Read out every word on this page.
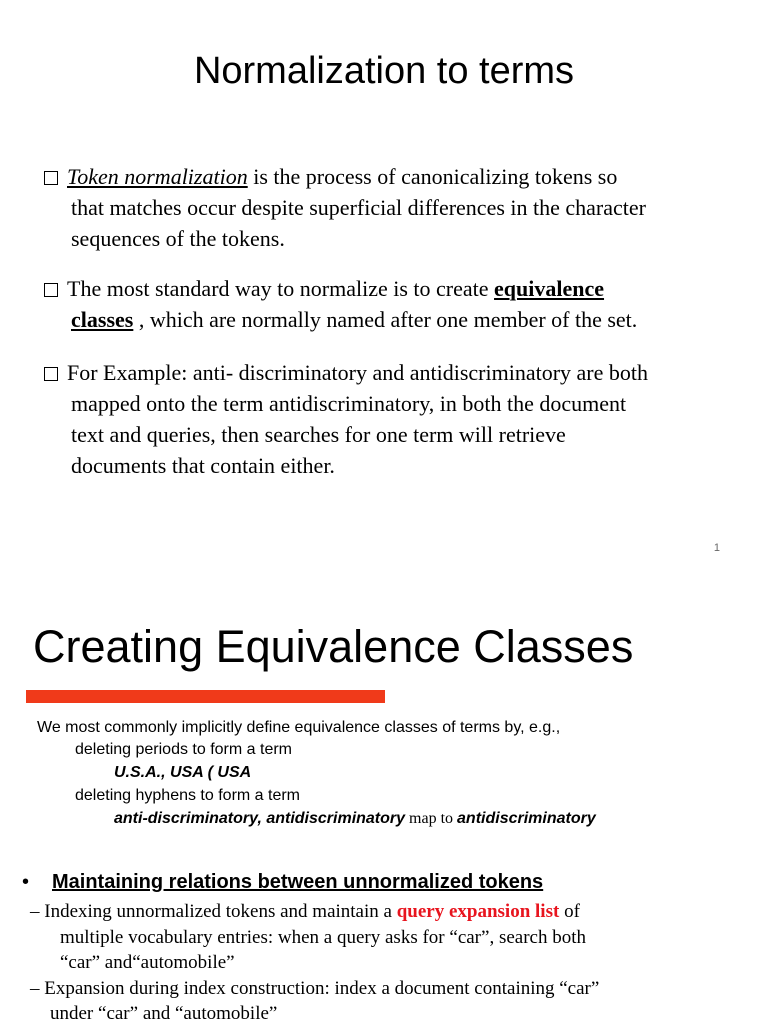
Normalization to terms
Token normalization is the process of canonicalizing tokens so
that matches occur despite superficial differences in the character
sequences of the tokens.
The most standard way to normalize is to create equivalence
classes , which are normally named after one member of the set.
For Example: anti- discriminatory and antidiscriminatory are both
mapped onto the term antidiscriminatory, in both the document
text and queries, then searches for one term will retrieve
documents that contain either.
1
Creating Equivalence Classes
We most commonly implicitly define equivalence classes of terms by, e.g.,
deleting periods to form a term
U.S.A., USA ( USA
deleting hyphens to form a term
anti-discriminatory, antidiscriminatory map to antidiscriminatory
• Maintaining relations between unnormalized tokens
– Indexing unnormalized tokens and maintain a query expansion list of
multiple vocabulary entries: when a query asks for “car”, search both
“car” and“automobile”
– Expansion during index construction: index a document containing “car”
under “car” and “automobile”
